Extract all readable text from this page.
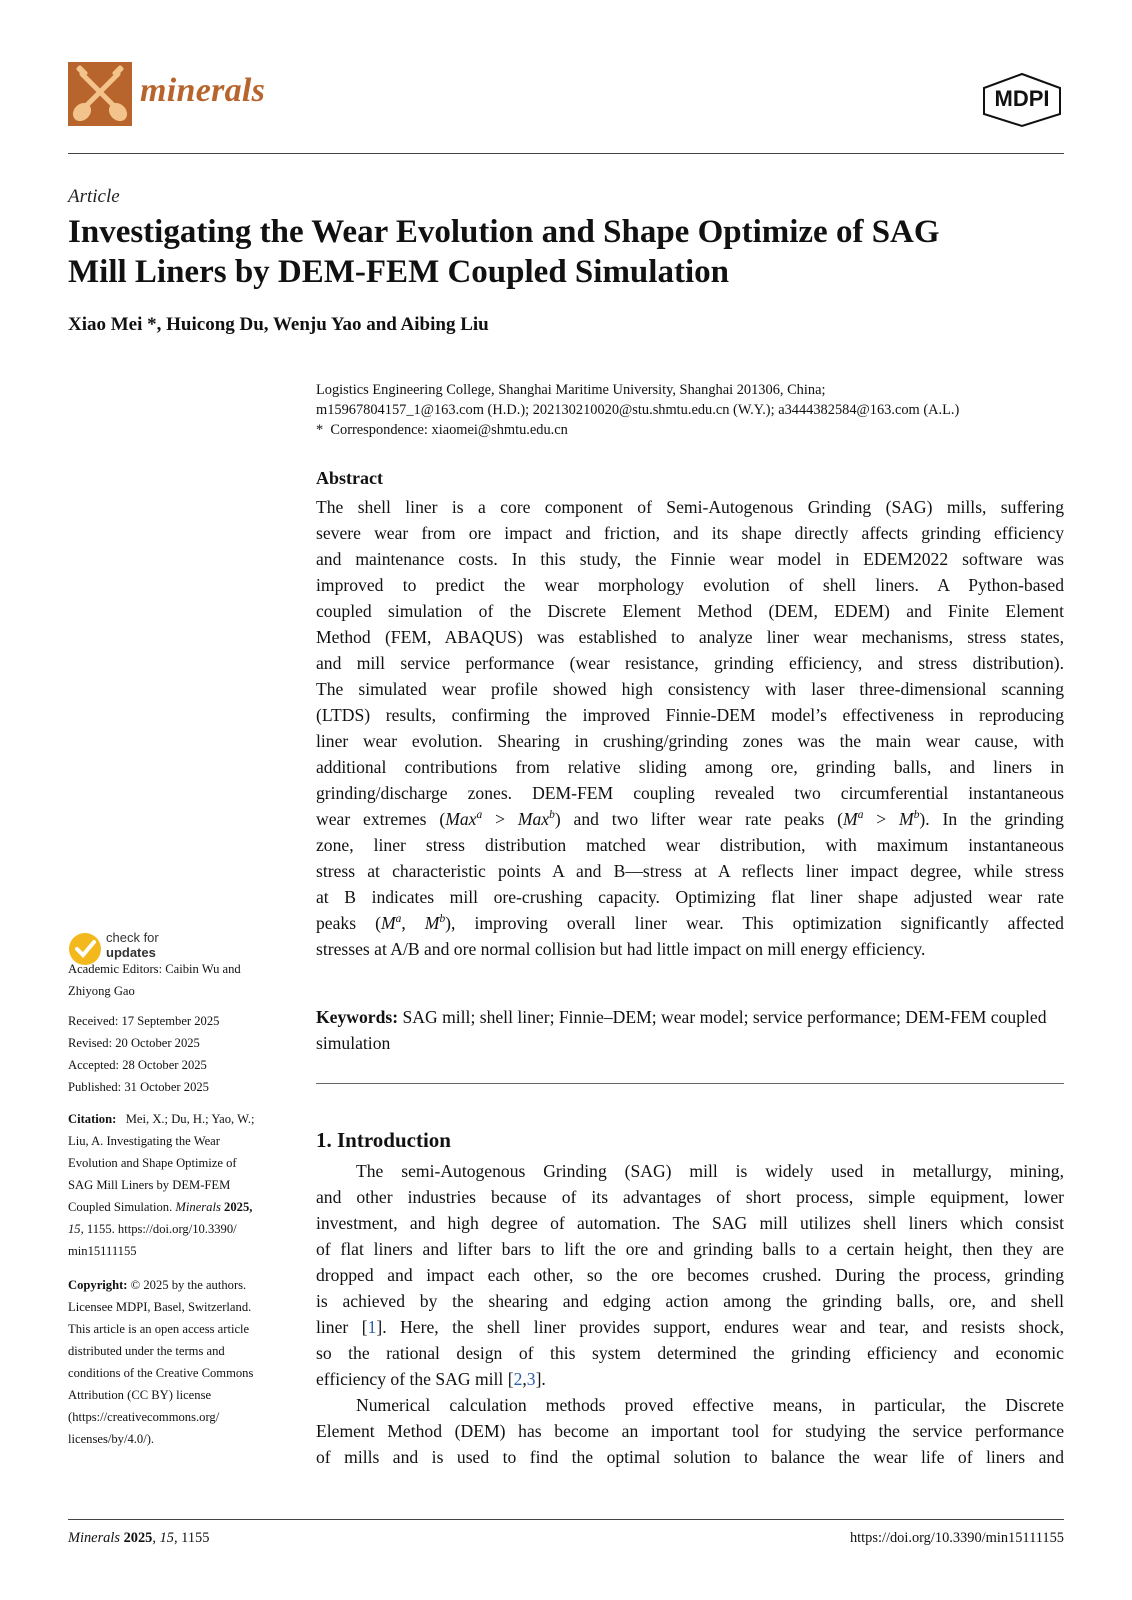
minerals	MDPI
Article
Investigating the Wear Evolution and Shape Optimize of SAG
Mill Liners by DEM-FEM Coupled Simulation
Xiao Mei *, Huicong Du, Wenju Yao and Aibing Liu
Logistics Engineering College, Shanghai Maritime University, Shanghai 201306, China;
m15967804157_1@163.com (H.D.); 202130210020@stu.shmtu.edu.cn (W.Y.); a3444382584@163.com (A.L.)
* Correspondence: xiaomei@shmtu.edu.cn
Abstract
The shell liner is a core component of Semi-Autogenous Grinding (SAG) mills, suffering
severe wear from ore impact and friction, and its shape directly affects grinding efficiency
and maintenance costs. In this study, the Finnie wear model in EDEM2022 software was
improved to predict the wear morphology evolution of shell liners. A Python-based
coupled simulation of the Discrete Element Method (DEM, EDEM) and Finite Element
Method (FEM, ABAQUS) was established to analyze liner wear mechanisms, stress states,
and mill service performance (wear resistance, grinding efficiency, and stress distribution).
The simulated wear profile showed high consistency with laser three-dimensional scanning
(LTDS) results, confirming the improved Finnie-DEM model’s effectiveness in reproducing
liner wear evolution. Shearing in crushing/grinding zones was the main wear cause, with
additional contributions from relative sliding among ore, grinding balls, and liners in
grinding/discharge zones. DEM-FEM coupling revealed two circumferential instantaneous
wear extremes (Max$^a$ > Max$^b$) and two lifter wear rate peaks $(M^a > M^b)$. In the grinding
zone, liner stress distribution matched wear distribution, with maximum instantaneous
stress at characteristic points A and B—stress at A reflects liner impact degree, while stress
at B indicates mill ore-crushing capacity. Optimizing flat liner shape adjusted wear rate
peaks ($M^a$, $M^b$), improving overall liner wear. This optimization significantly affected
stresses at A/B and ore normal collision but had little impact on mill energy efficiency.
Keywords: SAG mill; shell liner; Finnie–DEM; wear model; service performance; DEM-FEM coupled simulation
1. Introduction
The semi-Autogenous Grinding (SAG) mill is widely used in metallurgy, mining,
and other industries because of its advantages of short process, simple equipment, lower
investment, and high degree of automation. The SAG mill utilizes shell liners which consist
of flat liners and lifter bars to lift the ore and grinding balls to a certain height, then they are
dropped and impact each other, so the ore becomes crushed. During the process, grinding
is achieved by the shearing and edging action among the grinding balls, ore, and shell
liner [1]. Here, the shell liner provides support, endures wear and tear, and resists shock,
so the rational design of this system determined the grinding efficiency and economic
efficiency of the SAG mill [2,3].
Numerical calculation methods proved effective means, in particular, the Discrete
Element Method (DEM) has become an important tool for studying the service performance
of mills and is used to find the optimal solution to balance the wear life of liners and
check for
updates
Academic Editors: Caibin Wu and
Zhiyong Gao
Received: 17 September 2025
Revised: 20 October 2025
Accepted: 28 October 2025
Published: 31 October 2025
Citation: Mei, X.; Du, H.; Yao, W.;
Liu, A. Investigating the Wear
Evolution and Shape Optimize of
SAG Mill Liners by DEM-FEM
Coupled Simulation. Minerals 2025,
15, 1155. https://doi.org/10.3390/
min15111155
Copyright: © 2025 by the authors.
Licensee MDPI, Basel, Switzerland.
This article is an open access article
distributed under the terms and
conditions of the Creative Commons
Attribution (CC BY) license
(https://creativecommons.org/
licenses/by/4.0/).
Minerals 2025, 15, 1155	https://doi.org/10.3390/min15111155
